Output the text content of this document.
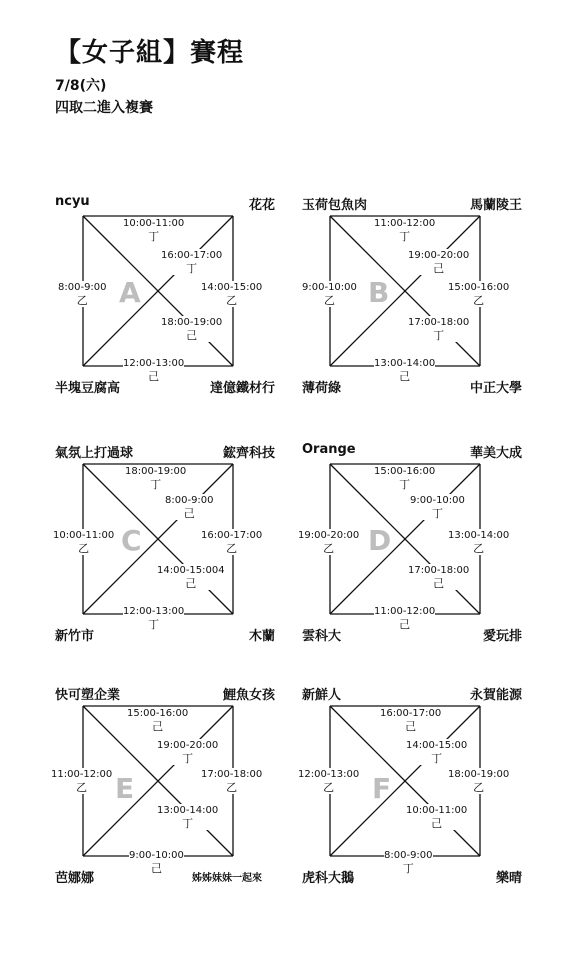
【女子組】賽程
7/8(六)
四取二進入複賽
ncyu	花花
半塊豆腐高	達億鐵材行
A
10:00-11:00
丁
16:00-17:00
丁
8:00-9:00
乙
14:00-15:00
乙
18:00-19:00
己
12:00-13:00
己
玉荷包魚肉	馬蘭陵王
薄荷綠	中正大學
B
11:00-12:00
丁
19:00-20:00
己
9:00-10:00
乙
15:00-16:00
乙
17:00-18:00
丁
13:00-14:00
己
氣氛上打過球	鋐齊科技
新竹市	木蘭
C
18:00-19:00
丁
8:00-9:00
己
10:00-11:00
乙
16:00-17:00
乙
14:00-15:004
己
12:00-13:00
丁
Orange	華美大成
雲科大	愛玩排
D
15:00-16:00
丁
9:00-10:00
丁
19:00-20:00
乙
13:00-14:00
乙
17:00-18:00
己
11:00-12:00
己
快可塑企業	鯉魚女孩
芭娜娜	姊姊妹妹一起來
E
15:00-16:00
己
19:00-20:00
丁
11:00-12:00
乙
17:00-18:00
乙
13:00-14:00
丁
9:00-10:00
己
新鮮人	永賀能源
虎科大鵝	樂晴
F
16:00-17:00
己
14:00-15:00
丁
12:00-13:00
乙
18:00-19:00
乙
10:00-11:00
己
8:00-9:00
丁
